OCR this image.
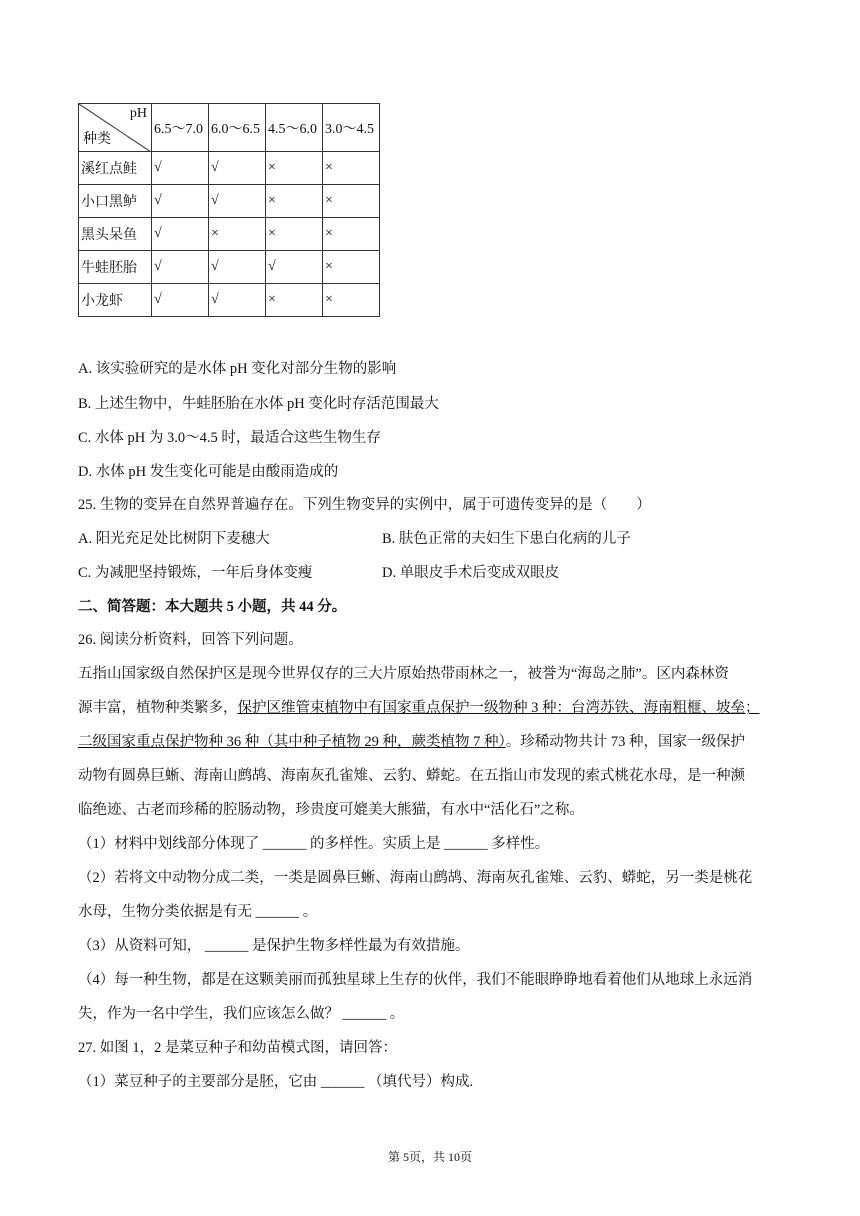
pH
种类	6.5～7.0	6.0～6.5	4.5～6.0	3.0～4.5
溪红点鲑	√	√	×	×
小口黑鲈	√	√	×	×
黑头呆鱼	√	×	×	×
牛蛙胚胎	√	√	√	×
小龙虾	√	√	×	×
A. 该实验研究的是水体 pH 变化对部分生物的影响
B. 上述生物中，牛蛙胚胎在水体 pH 变化时存活范围最大
C. 水体 pH 为 3.0～4.5 时，最适合这些生物生存
D. 水体 pH 发生变化可能是由酸雨造成的
25. 生物的变异在自然界普遍存在。下列生物变异的实例中，属于可遗传变异的是（　　）
A. 阳光充足处比树阴下麦穗大	B. 肤色正常的夫妇生下患白化病的儿子
C. 为减肥坚持锻炼，一年后身体变瘦	D. 单眼皮手术后变成双眼皮
二、简答题：本大题共 5 小题，共 44 分。
26. 阅读分析资料，回答下列问题。
五指山国家级自然保护区是现今世界仅存的三大片原始热带雨林之一，被誉为“海岛之肺”。区内森林资
源丰富，植物种类繁多，保护区维管束植物中有国家重点保护一级物种 3 种：台湾苏铁、海南粗榧、坡垒；
二级国家重点保护物种 36 种（其中种子植物 29 种，蕨类植物 7 种）。珍稀动物共计 73 种，国家一级保护
动物有圆鼻巨蜥、海南山鹧鸪、海南灰孔雀雉、云豹、蟒蛇。在五指山市发现的索式桃花水母，是一种濒
临绝迹、古老而珍稀的腔肠动物，珍贵度可媲美大熊猫，有水中“活化石”之称。
（1）材料中划线部分体现了 ______ 的多样性。实质上是 ______ 多样性。
（2）若将文中动物分成二类，一类是圆鼻巨蜥、海南山鹧鸪、海南灰孔雀雉、云豹、蟒蛇，另一类是桃花
水母，生物分类依据是有无 ______ 。
（3）从资料可知， ______ 是保护生物多样性最为有效措施。
（4）每一种生物，都是在这颗美丽而孤独星球上生存的伙伴，我们不能眼睁睁地看着他们从地球上永远消
失，作为一名中学生，我们应该怎么做？ ______ 。
27. 如图 1，2 是菜豆种子和幼苗模式图，请回答：
（1）菜豆种子的主要部分是胚，它由 ______ （填代号）构成.
第 5页，共 10页
